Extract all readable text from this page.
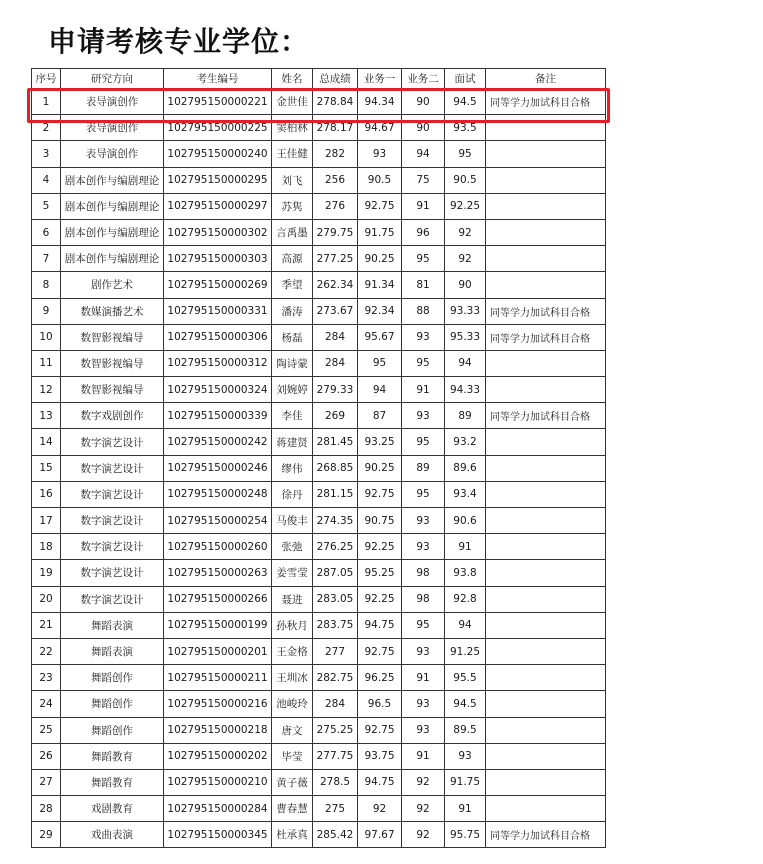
申请考核专业学位：
序号	研究方向	考生编号	姓名	总成绩	业务一	业务二	面试	备注
1	表导演创作	102795150000221	金世佳	278.84	94.34	90	94.5	同等学力加试科目合格
2	表导演创作	102795150000225	窦柏林	278.17	94.67	90	93.5	
3	表导演创作	102795150000240	王佳健	282	93	94	95	
4	剧本创作与编剧理论	102795150000295	刘飞	256	90.5	75	90.5	
5	剧本创作与编剧理论	102795150000297	苏隽	276	92.75	91	92.25	
6	剧本创作与编剧理论	102795150000302	言禹墨	279.75	91.75	96	92	
7	剧本创作与编剧理论	102795150000303	高源	277.25	90.25	95	92	
8	剧作艺术	102795150000269	季望	262.34	91.34	81	90	
9	数媒演播艺术	102795150000331	潘涛	273.67	92.34	88	93.33	同等学力加试科目合格
10	数智影视编导	102795150000306	杨磊	284	95.67	93	95.33	同等学力加试科目合格
11	数智影视编导	102795150000312	陶诗蒙	284	95	95	94	
12	数智影视编导	102795150000324	刘婉婷	279.33	94	91	94.33	
13	数字戏剧创作	102795150000339	李佳	269	87	93	89	同等学力加试科目合格
14	数字演艺设计	102795150000242	蒋建贤	281.45	93.25	95	93.2	
15	数字演艺设计	102795150000246	缪伟	268.85	90.25	89	89.6	
16	数字演艺设计	102795150000248	徐丹	281.15	92.75	95	93.4	
17	数字演艺设计	102795150000254	马俊丰	274.35	90.75	93	90.6	
18	数字演艺设计	102795150000260	张弛	276.25	92.25	93	91	
19	数字演艺设计	102795150000263	姜雪莹	287.05	95.25	98	93.8	
20	数字演艺设计	102795150000266	聂进	283.05	92.25	98	92.8	
21	舞蹈表演	102795150000199	孙秋月	283.75	94.75	95	94	
22	舞蹈表演	102795150000201	王金格	277	92.75	93	91.25	
23	舞蹈创作	102795150000211	王圳冰	282.75	96.25	91	95.5	
24	舞蹈创作	102795150000216	池峻玲	284	96.5	93	94.5	
25	舞蹈创作	102795150000218	唐文	275.25	92.75	93	89.5	
26	舞蹈教育	102795150000202	毕莹	277.75	93.75	91	93	
27	舞蹈教育	102795150000210	黄子薇	278.5	94.75	92	91.75	
28	戏剧教育	102795150000284	曹春慧	275	92	92	91	
29	戏曲表演	102795150000345	杜承真	285.42	97.67	92	95.75	同等学力加试科目合格
